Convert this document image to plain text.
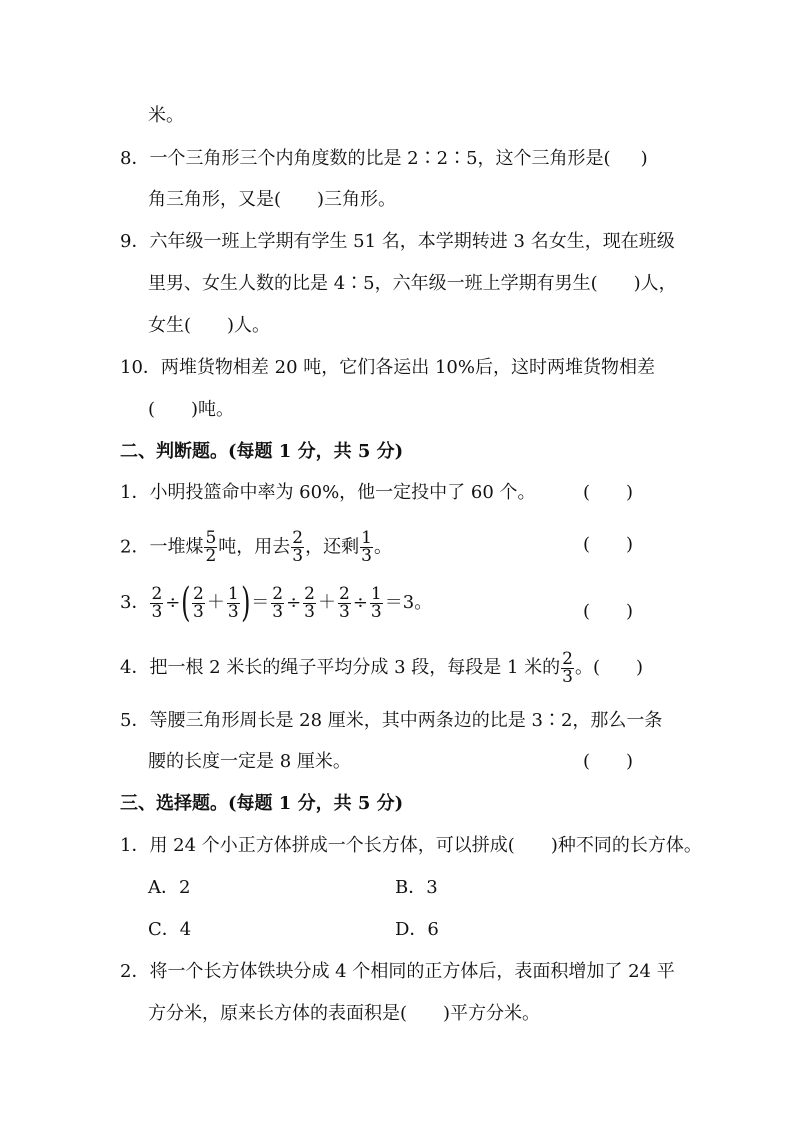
米。
8．一个三角形三个内角度数的比是 2∶2∶5，这个三角形是( )
角三角形，又是(　　)三角形。
9．六年级一班上学期有学生 51 名，本学期转进 3 名女生，现在班级
里男、女生人数的比是 4∶5，六年级一班上学期有男生(　　)人，
女生(　　)人。
10．两堆货物相差 20 吨，它们各运出 10%后，这时两堆货物相差
(　　)吨。
二、判断题。(每题 1 分，共 5 分)
1．小明投篮命中率为 60%，他一定投中了 60 个。	(　　)
2．一堆煤 $\frac{5}{2}$ 吨，用去 $\frac{2}{3}$ ，还剩 $\frac{1}{3}$ 。	(　　)
3． $\frac{2}{3}$ ÷( $\frac{2}{3} + \frac{1}{3}$ )＝ $\frac{2}{3} \div \frac{2}{3} + \frac{2}{3} \div \frac{1}{3} =3$。	(　　)
4．把一根 2 米长的绳子平均分成 3 段，每段是 1 米的 $\frac{2}{3}$ 。(　　)
5．等腰三角形周长是 28 厘米，其中两条边的比是 3∶2，那么一条
腰的长度一定是 8 厘米。	(　　)
三、选择题。(每题 1 分，共 5 分)
1．用 24 个小正方体拼成一个长方体，可以拼成(　　)种不同的长方体。
A．2	B．3
C．4	D．6
2．将一个长方体铁块分成 4 个相同的正方体后，表面积增加了 24 平
方分米，原来长方体的表面积是(　　)平方分米。
